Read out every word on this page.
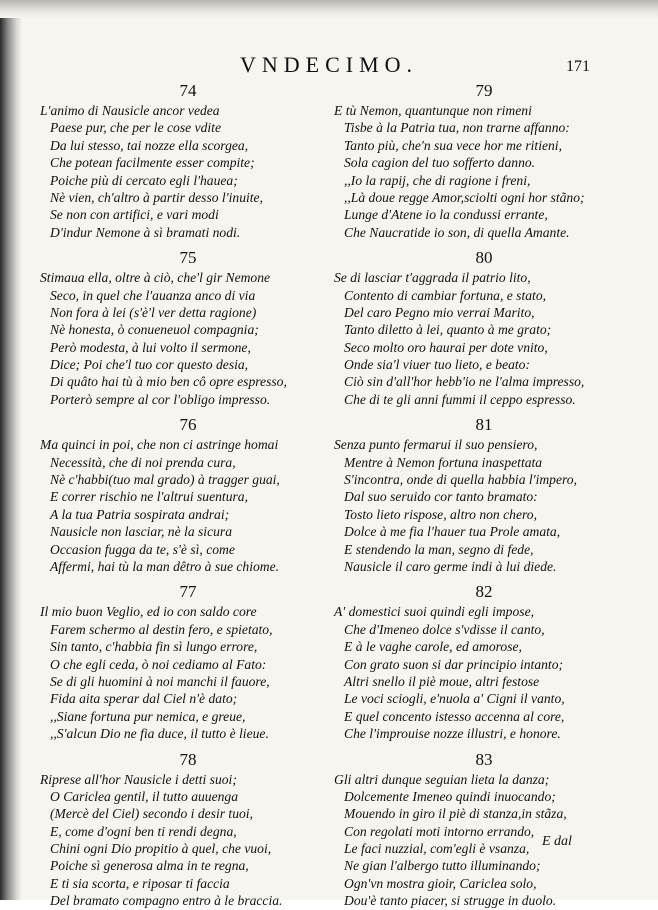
VNDECIMO.	171
74
L'animo di Nausicle ancor vedea
Paese pur, che per le cose vdite
Da lui stesso, tai nozze ella scorgea,
Che potean facilmente esser compite;
Poiche più di cercato egli l'hauea;
Nè vien, ch'altro à partir desso l'inuite,
Se non con artifici, e vari modi
D'indur Nemone à sì bramati nodi.
75
Stimaua ella, oltre à ciò, che'l gir Nemone
Seco, in quel che l'auanza anco di via
Non fora à lei (s'è'l ver detta ragione)
Nè honesta, ò conueneuol compagnia;
Però modesta, à lui volto il sermone,
Dice; Poi che'l tuo cor questo desia,
Di quâto hai tù à mio ben cô opre espresso,
Porterò sempre al cor l'obligo impresso.
76
Ma quinci in poi, che non ci astringe homai
Necessità, che di noi prenda cura,
Nè c'habbi(tuo mal grado) à tragger guai,
E correr rischio ne l'altrui suentura,
A la tua Patria sospirata andrai;
Nausicle non lasciar, nè la sicura
Occasion fugga da te, s'è sì, come
Affermi, hai tù la man dêtro à sue chiome.
77
Il mio buon Veglio, ed io con saldo core
Farem schermo al destin fero, e spietato,
Sin tanto, c'habbia fin sì lungo errore,
O che egli ceda, ò noi cediamo al Fato:
Se di gli huomini à noi manchi il fauore,
Fida aita sperar dal Ciel n'è dato;
,,Siane fortuna pur nemica, e greue,
,,S'alcun Dio ne fia duce, il tutto è lieue.
78
Riprese all'hor Nausicle i detti suoi;
O Cariclea gentil, il tutto auuenga
(Mercè del Ciel) secondo i desir tuoi,
E, come d'ogni ben ti rendi degna,
Chini ogni Dio propitio à quel, che vuoi,
Poiche sì generosa alma in te regna,
E ti sia scorta, e riposar ti faccia
Del bramato compagno entro à le braccia.
79
E tù Nemon, quantunque non rimeni
Tisbe à la Patria tua, non trarne affanno:
Tanto più, che'n sua vece hor me ritieni,
Sola cagion del tuo sofferto danno.
,,Io la rapij, che di ragione i freni,
,,Là doue regge Amor,sciolti ogni hor stãno;
Lunge d'Atene io la condussi errante,
Che Naucratide io son, di quella Amante.
80
Se di lasciar t'aggrada il patrio lito,
Contento di cambiar fortuna, e stato,
Del caro Pegno mio verrai Marito,
Tanto diletto à lei, quanto à me grato;
Seco molto oro haurai per dote vnito,
Onde sia'l viuer tuo lieto, e beato:
Ciò sin d'all'hor hebb'io ne l'alma impresso,
Che di te gli anni fummi il ceppo espresso.
81
Senza punto fermarui il suo pensiero,
Mentre à Nemon fortuna inaspettata
S'incontra, onde di quella habbia l'impero,
Dal suo seruido cor tanto bramato:
Tosto lieto rispose, altro non chero,
Dolce à me fia l'hauer tua Prole amata,
E stendendo la man, segno di fede,
Nausicle il caro germe indi à lui diede.
82
A' domestici suoi quindi egli impose,
Che d'Imeneo dolce s'vdisse il canto,
E à le vaghe carole, ed amorose,
Con grato suon si dar principio intanto;
Altri snello il piè moue, altri festose
Le voci sciogli, e'nuola a' Cigni il vanto,
E quel concento istesso accenna al core,
Che l'improuise nozze illustri, e honore.
83
Gli altri dunque seguian lieta la danza;
Dolcemente Imeneo quindi inuocando;
Mouendo in giro il piè di stanza,in stãza,
Con regolati moti intorno errando,
Le faci nuzzial, com'egli è vsanza,
Ne gian l'albergo tutto illuminando;
Ogn'vn mostra gioir, Cariclea solo,
Dou'è tanto piacer, si strugge in duolo.
E dal
